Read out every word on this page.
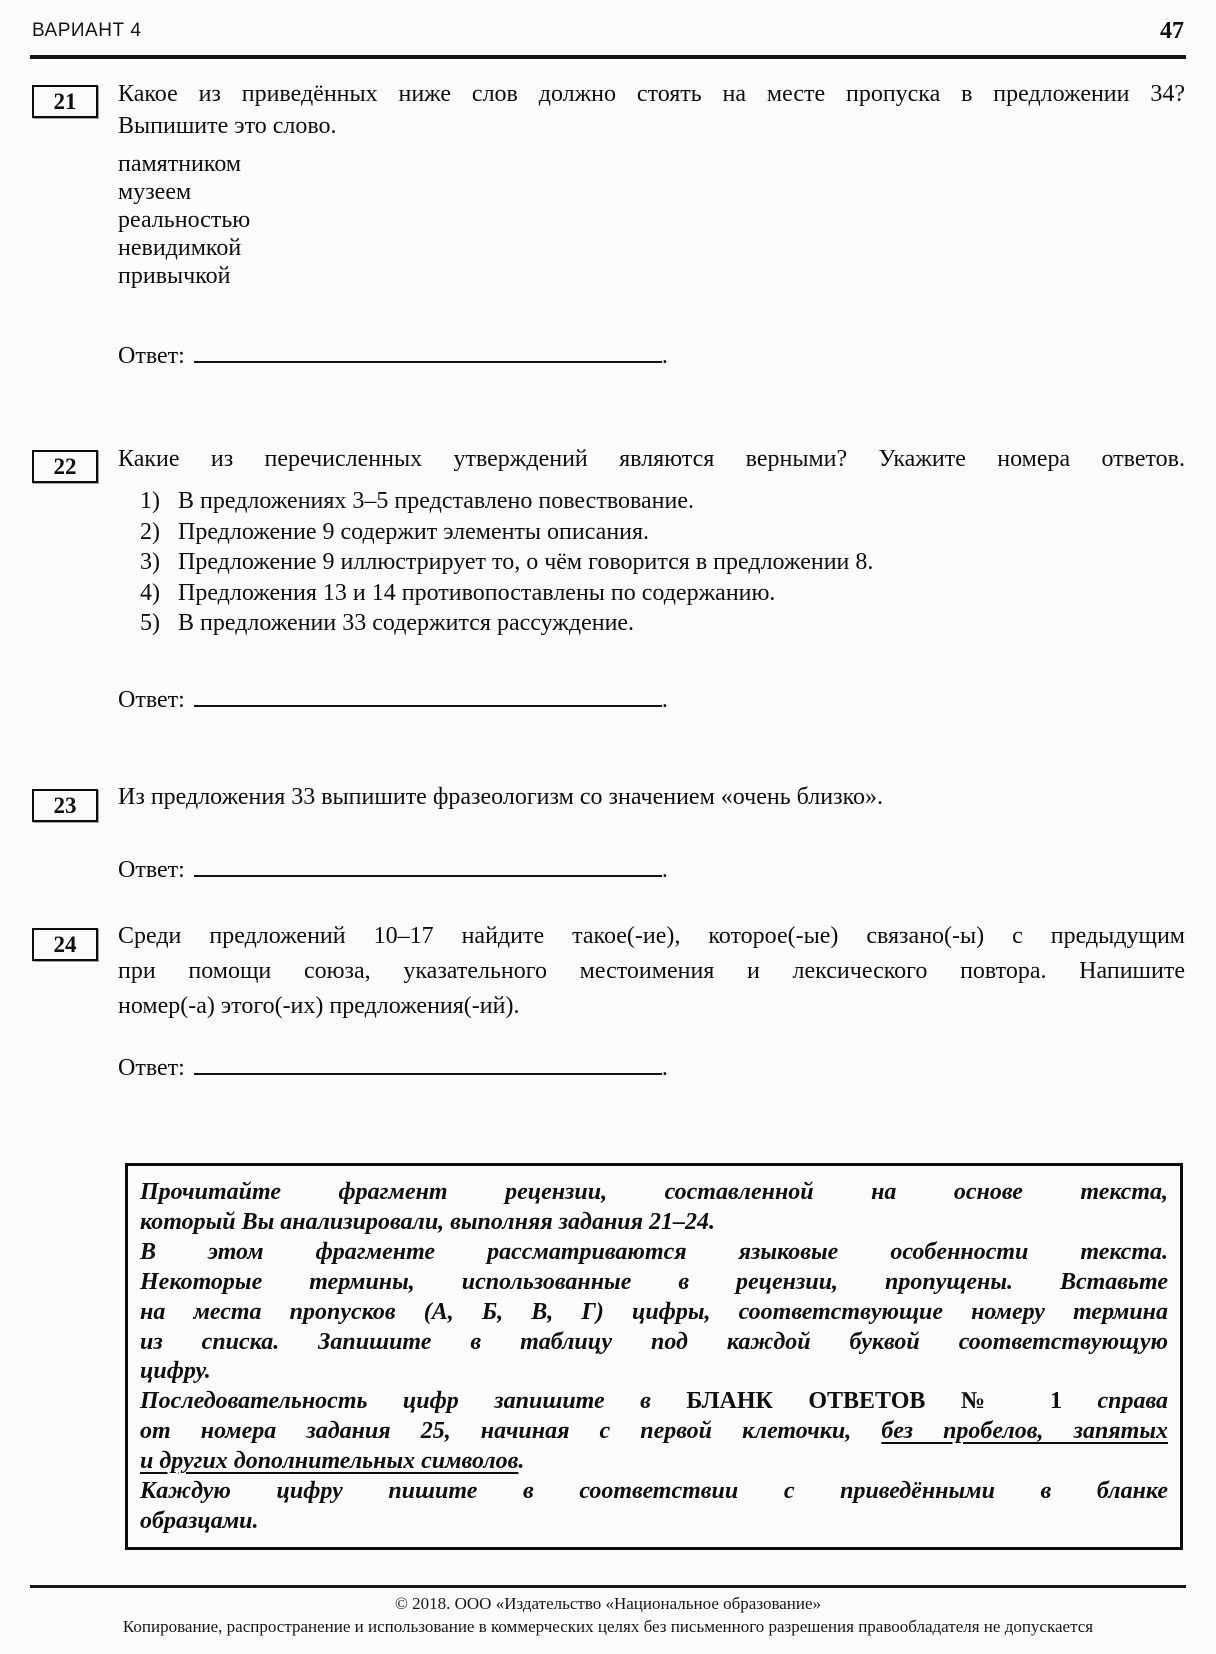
ВАРИАНТ 4	47
21	Какое из приведённых ниже слов должно стоять на месте пропуска в предложении 34?
Выпишите это слово.
памятником
музеем
реальностью
невидимкой
привычкой
Ответ:	.
22	Какие из перечисленных утверждений являются верными? Укажите номера ответов.
1) В предложениях 3–5 представлено повествование.
2) Предложение 9 содержит элементы описания.
3) Предложение 9 иллюстрирует то, о чём говорится в предложении 8.
4) Предложения 13 и 14 противопоставлены по содержанию.
5) В предложении 33 содержится рассуждение.
Ответ:	.
23	Из предложения 33 выпишите фразеологизм со значением «очень близко».
Ответ:	.
24	Среди предложений 10–17 найдите такое(-ие), которое(-ые) связано(-ы) с предыдущим
при помощи союза, указательного местоимения и лексического повтора. Напишите
номер(-а) этого(-их) предложения(-ий).
Ответ:	.
Прочитайте фрагмент рецензии, составленной на основе текста,
который Вы анализировали, выполняя задания 21–24.
В этом фрагменте рассматриваются языковые особенности текста.
Некоторые термины, использованные в рецензии, пропущены. Вставьте
на места пропусков (А, Б, В, Г) цифры, соответствующие номеру термина
из списка. Запишите в таблицу под каждой буквой соответствующую
цифру.
Последовательность цифр запишите в БЛАНК ОТВЕТОВ № 1 справа
от номера задания 25, начиная с первой клеточки, без пробелов, запятых
и других дополнительных символов.
Каждую цифру пишите в соответствии с приведёнными в бланке
образцами.
© 2018. ООО «Издательство «Национальное образование»
Копирование, распространение и использование в коммерческих целях без письменного разрешения правообладателя не допускается
